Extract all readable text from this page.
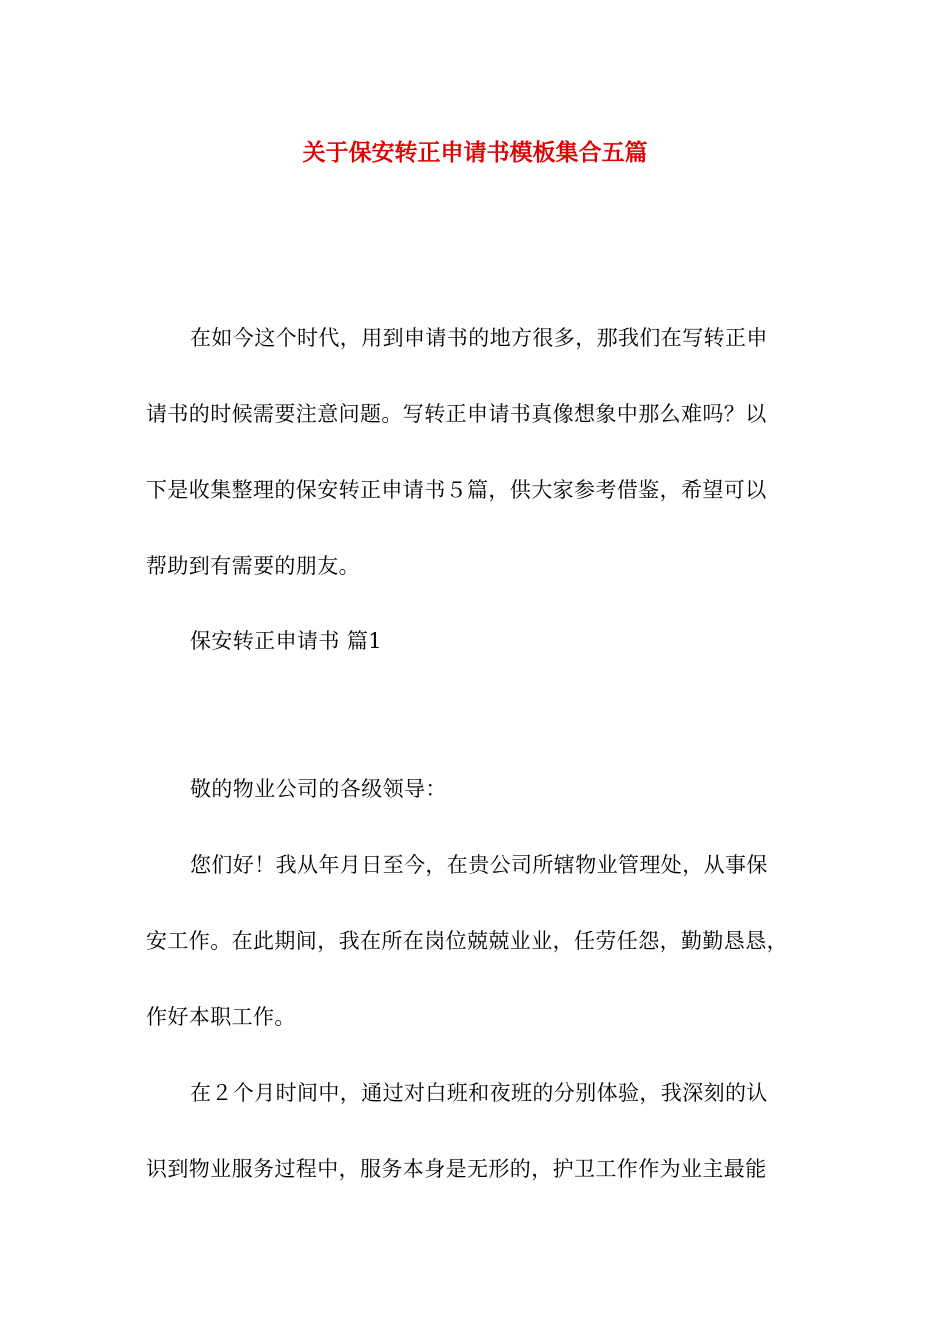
关于保安转正申请书模板集合五篇
在如今这个时代，用到申请书的地方很多，那我们在写转正申
请书的时候需要注意问题。写转正申请书真像想象中那么难吗？以
下是收集整理的保安转正申请书５篇，供大家参考借鉴，希望可以
帮助到有需要的朋友。
保安转正申请书 篇1
敬的物业公司的各级领导：
您们好！我从年月日至今，在贵公司所辖物业管理处，从事保
安工作。在此期间，我在所在岗位兢兢业业，任劳任怨，勤勤恳恳，
作好本职工作。
在２个月时间中，通过对白班和夜班的分别体验，我深刻的认
识到物业服务过程中，服务本身是无形的，护卫工作作为业主最能
